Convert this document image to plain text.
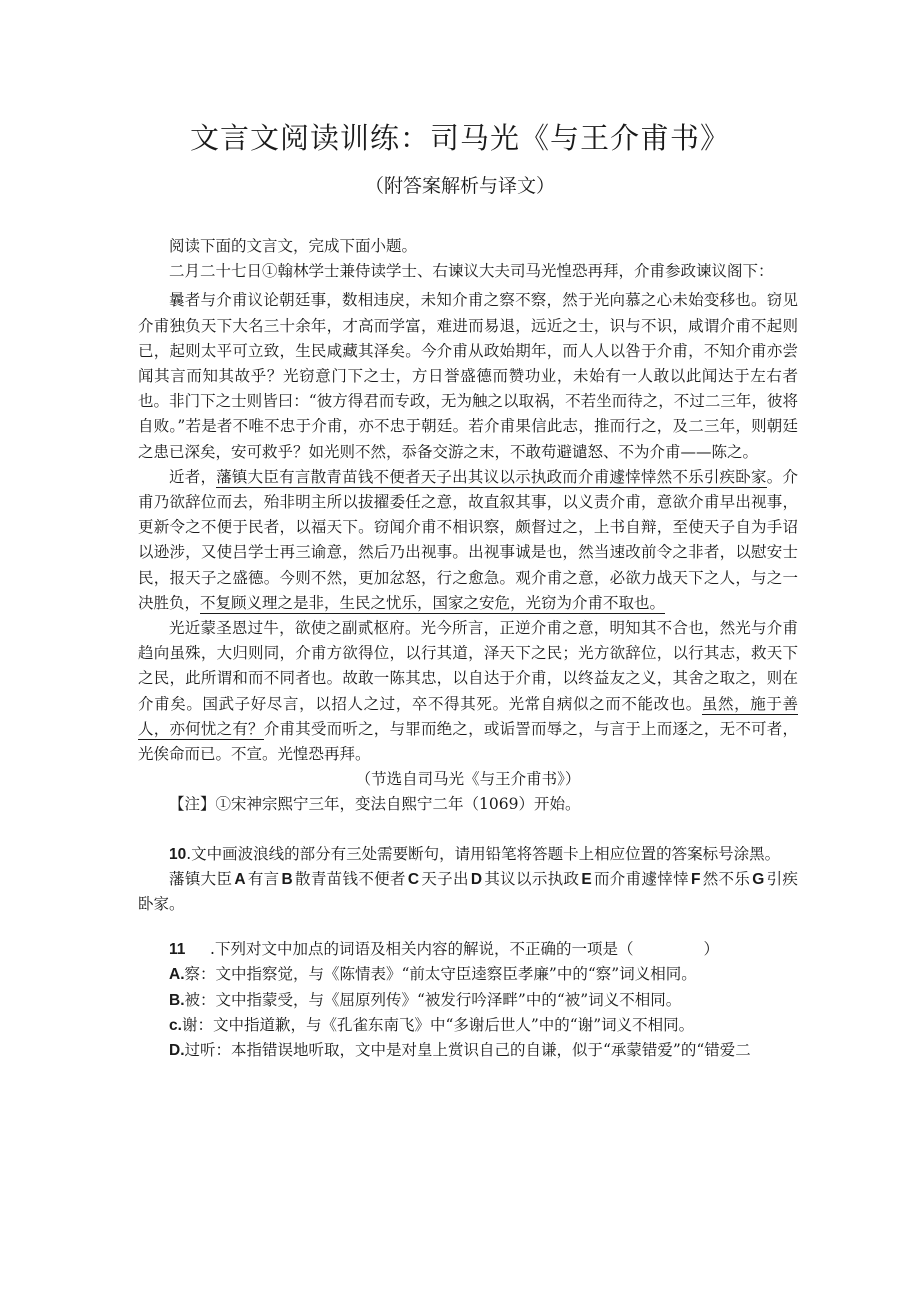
文言文阅读训练：司马光《与王介甫书》
（附答案解析与译文）

阅读下面的文言文，完成下面小题。

二月二十七日①翰林学士兼侍读学士、右谏议大夫司马光惶恐再拜，介甫参政谏议阁下：

曩者与介甫议论朝廷事，数相违戾，未知介甫之察不察，然于光向慕之心未始变移也。窃见介甫独负天下大名三十余年，才高而学富，难进而易退，远近之士，识与不识，咸谓介甫不起则已，起则太平可立致，生民咸藏其泽矣。今介甫从政始期年，而人人以咎于介甫，不知介甫亦尝闻其言而知其故乎？光窃意门下之士，方日誉盛德而赞功业，未始有一人敢以此闻达于左右者也。非门下之士则皆曰：“彼方得君而专政，无为触之以取祸，不若坐而待之，不过二三年，彼将自败。”若是者不唯不忠于介甫，亦不忠于朝廷。若介甫果信此志，推而行之，及二三年，则朝廷之患已深矣，安可救乎？如光则不然，忝备交游之末，不敢苟避谴怒、不为介甫——陈之。

近者，藩镇大臣有言散青苗钱不便者天子出其议以示执政而介甫遽悻悻然不乐引疾卧家。介甫乃欲辞位而去，殆非明主所以拔擢委任之意，故直叙其事，以义责介甫，意欲介甫早出视事，更新令之不便于民者，以福天下。窃闻介甫不相识察，颇督过之，上书自辩，至使天子自为手诏以逊涉，又使吕学士再三谕意，然后乃出视事。出视事诚是也，然当速改前令之非者，以慰安士民，报天子之盛德。今则不然，更加忿怒，行之愈急。观介甫之意，必欲力战天下之人，与之一决胜负，不复顾义理之是非，生民之忧乐，国家之安危，光窃为介甫不取也。

光近蒙圣恩过牛，欲使之副贰枢府。光今所言，正逆介甫之意，明知其不合也，然光与介甫趋向虽殊，大归则同，介甫方欲得位，以行其道，泽天下之民；光方欲辞位，以行其志，救天下之民，此所谓和而不同者也。故敢一陈其忠，以自达于介甫，以终益友之义，其舍之取之，则在介甫矣。国武子好尽言，以招人之过，卒不得其死。光常自病似之而不能改也。虽然，施于善人，亦何忧之有？介甫其受而听之，与罪而绝之，或诟詈而辱之，与言于上而逐之，无不可者，光俟命而已。不宣。光惶恐再拜。

（节选自司马光《与王介甫书》）

【注】①宋神宗熙宁三年，变法自熙宁二年（1069）开始。

10.文中画波浪线的部分有三处需要断句，请用铅笔将答题卡上相应位置的答案标号涂黑。

藩镇大臣 A 有言 B 散青苗钱不便者 C 天子出 D 其议以示执政 E 而介甫遽悻悻 F 然不乐 G 引疾卧家。

11 .下列对文中加点的词语及相关内容的解说，不正确的一项是（	）

A.察：文中指察觉，与《陈情表》“前太守臣逵察臣孝廉”中的“察”词义相同。

B.被：文中指蒙受，与《屈原列传》“被发行吟泽畔”中的“被”词义不相同。

c.谢：文中指道歉，与《孔雀东南飞》中“多谢后世人”中的“谢”词义不相同。

D.过听：本指错误地听取，文中是对皇上赏识自己的自谦，似于“承蒙错爱”的“错爱二
